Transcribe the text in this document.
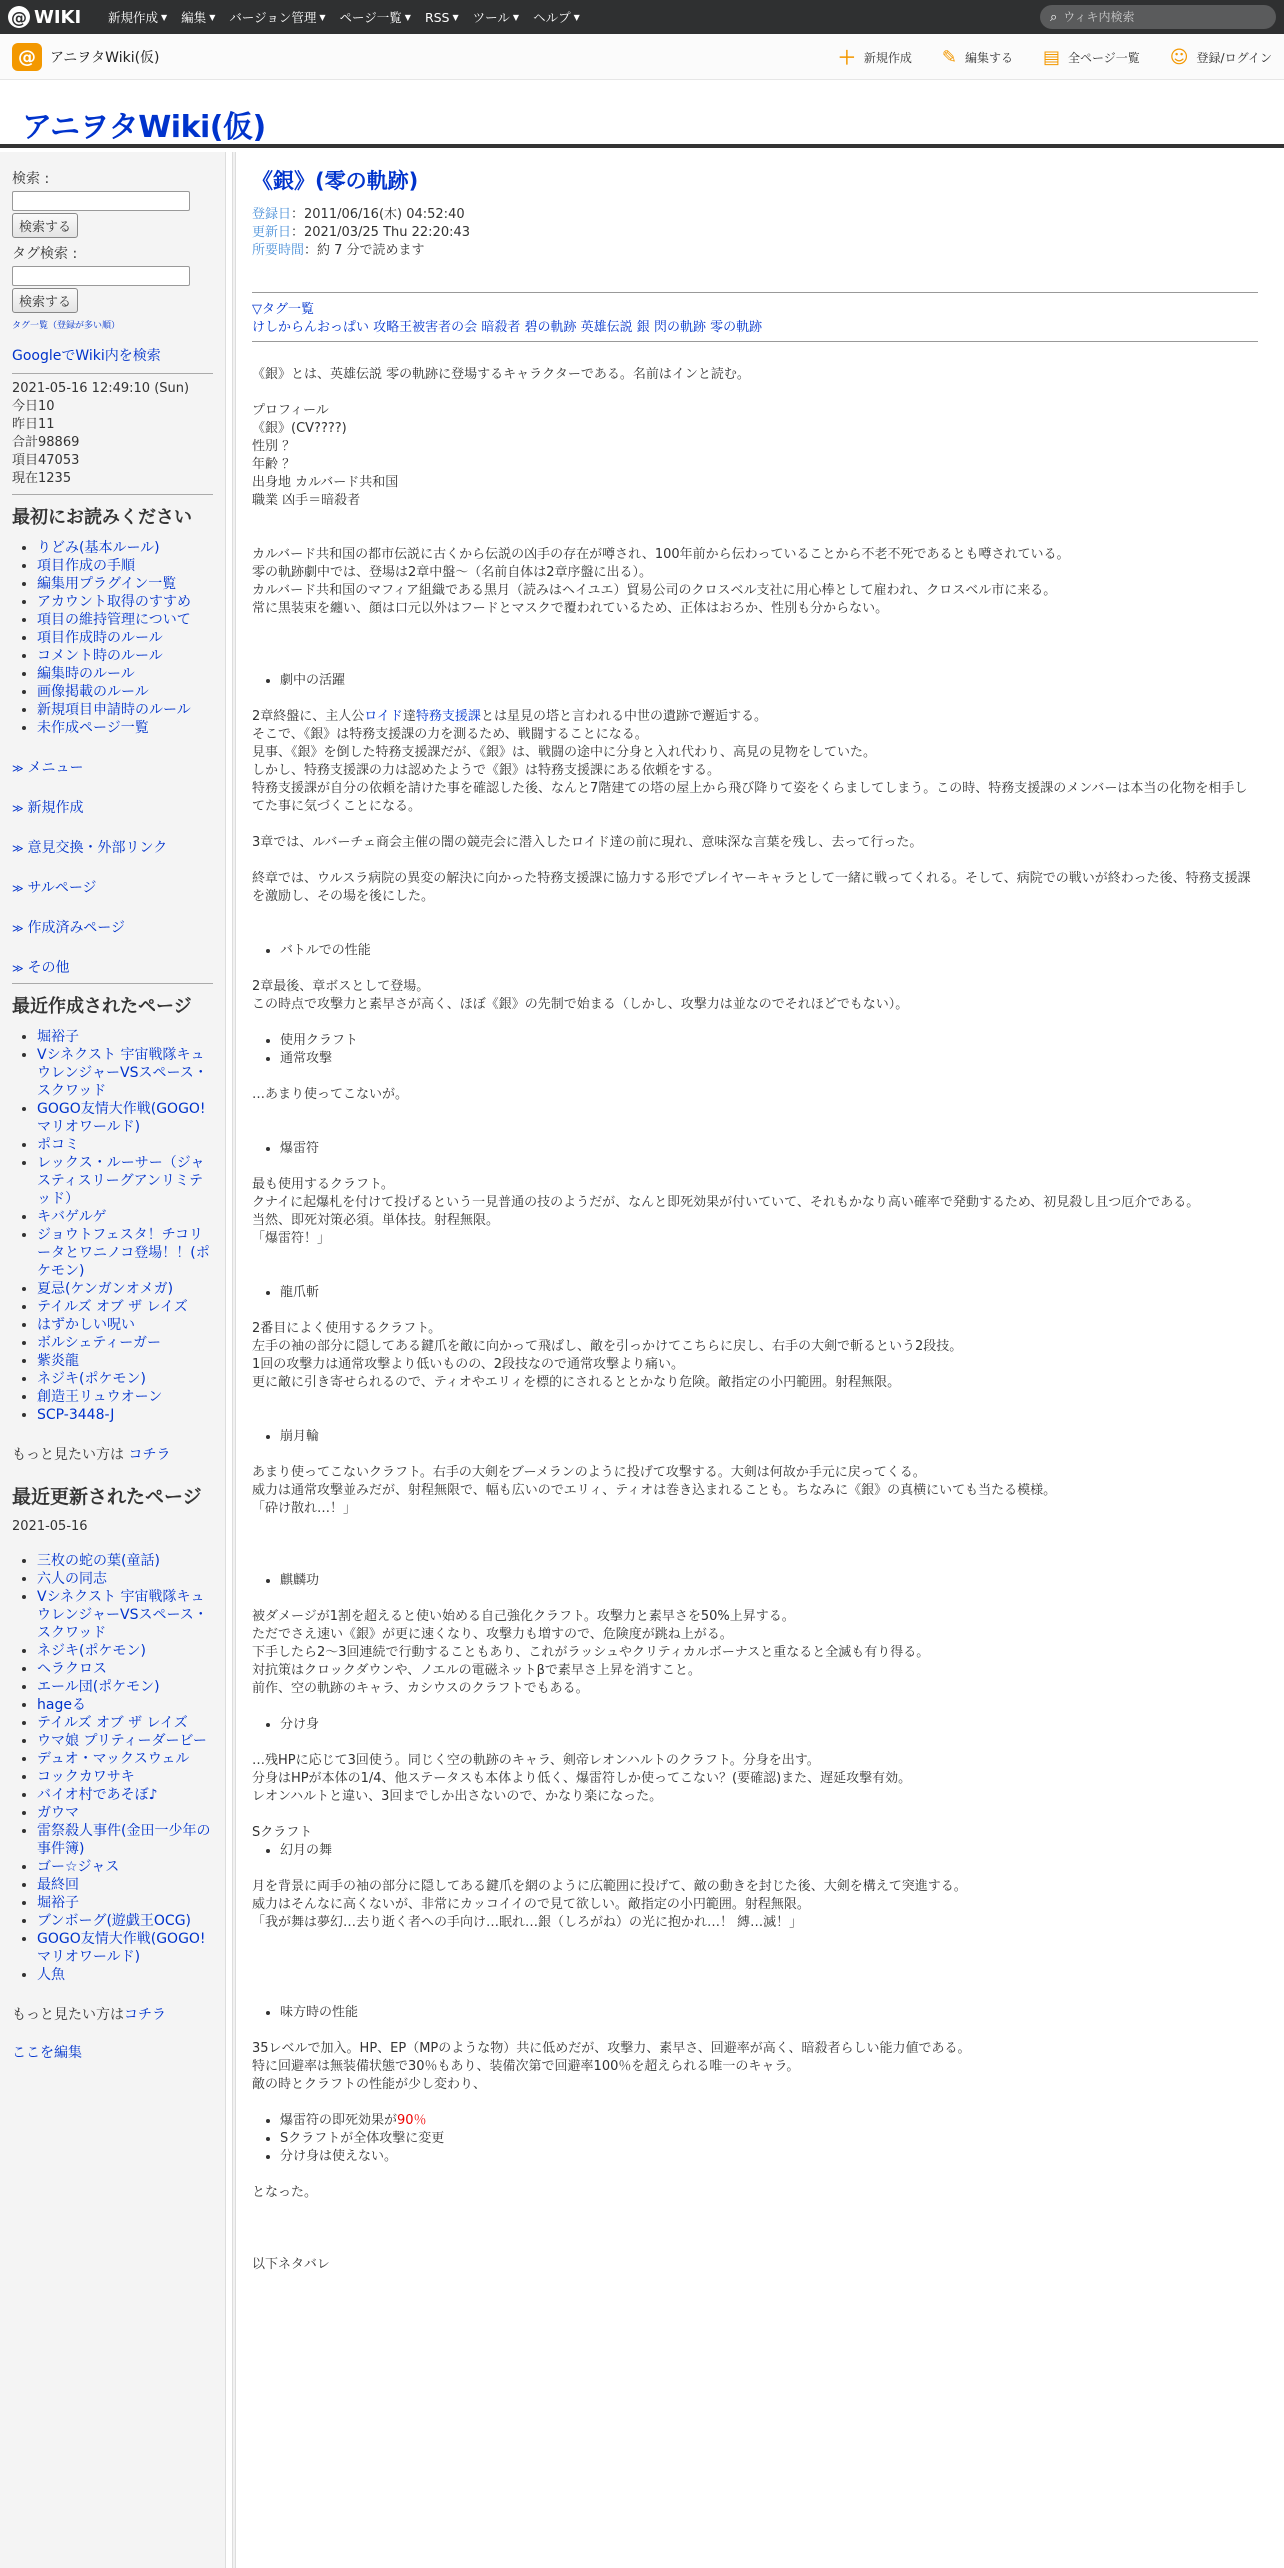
@ WIKI 新規作成 ▼ 編集 ▼ バージョン管理 ▼ ページ一覧 ▼ RSS ▼ ツール ▼ ヘルプ ▼	⌕
ウィキ内検索
@	アニヲタWiki(仮)	＋ 新規作成 ✎ 編集する ▤ 全ページ一覧 ☺ 登録/ログイン
アニヲタWiki(仮)
検索 :

検索する
タグ検索 :

検索する
タグ一覧（登録が多い順）
GoogleでWiki内を検索
2021-05-16 12:49:10 (Sun)
今日10
昨日11
合計98869
項目47053
現在1235
最初にお読みください
• りどみ(基本ルール)
• 項目作成の手順
• 編集用プラグイン一覧
• アカウント取得のすすめ
• 項目の維持管理について
• 項目作成時のルール
• コメント時のルール
• 編集時のルール
• 画像掲載のルール
• 新規項目申請時のルール
• 未作成ページ一覧
≫ メニュー
≫ 新規作成
≫ 意見交換・外部リンク
≫ サルページ
≫ 作成済みページ
≫ その他
最近作成されたページ
• 堀裕子
• Vシネクスト 宇宙戦隊キュウレンジャーVSスペース・スクワッド
• GOGO友情大作戦(GOGO!マリオワールド)
• ポコミ
• レックス・ルーサー（ジャスティスリーグアンリミテッド）
• キバゲルゲ
• ジョウトフェスタ！チコリータとワニノコ登場！！(ポケモン)
• 夏忌(ケンガンオメガ)
• テイルズ オブ ザ レイズ
• はずかしい呪い
• ボルシェティーガー
• 紫炎龍
• ネジキ(ポケモン)
• 創造王リュウオーン
• SCP-3448-J
もっと見たい方は コチラ
最近更新されたページ
2021-05-16
• 三枚の蛇の葉(童話)
• 六人の同志
• Vシネクスト 宇宙戦隊キュウレンジャーVSスペース・スクワッド
• ネジキ(ポケモン)
• ヘラクロス
• エール団(ポケモン)
• hageる
• テイルズ オブ ザ レイズ
• ウマ娘 プリティーダービー
• デュオ・マックスウェル
• コックカワサキ
• バイオ村であそぼ♪
• ガウマ
• 雷祭殺人事件(金田一少年の事件簿)
• ゴー☆ジャス
• 最終回
• 堀裕子
• ブンボーグ(遊戯王OCG)
• GOGO友情大作戦(GOGO!マリオワールド)
• 人魚
もっと見たい方はコチラ
ここを編集
《銀》(零の軌跡)
登録日：2011/06/16(木) 04:52:40
更新日：2021/03/25 Thu 22:20:43
所要時間：約 7 分で読めます
▽タグ一覧
けしからんおっぱい 攻略王被害者の会 暗殺者 碧の軌跡 英雄伝説 銀 閃の軌跡 零の軌跡

《銀》とは、英雄伝説 零の軌跡に登場するキャラクターである。名前はインと読む。

プロフィール

《銀》(CV????)

性別 ？

年齢 ？

出身地 カルバード共和国

職業 凶手＝暗殺者

カルバード共和国の都市伝説に古くから伝説の凶手の存在が噂され、100年前から伝わっていることから不老不死であるとも噂されている。

零の軌跡劇中では、登場は2章中盤～（名前自体は2章序盤に出る）。

カルバード共和国のマフィア組織である黒月（読みはヘイユエ）貿易公司のクロスベル支社に用心棒として雇われ、クロスベル市に来る。

常に黒装束を纏い、顔は口元以外はフードとマスクで覆われているため、正体はおろか、性別も分からない。

• 劇中の活躍

2章終盤に、主人公ロイド達特務支援課とは星見の塔と言われる中世の遺跡で邂逅する。

そこで、《銀》は特務支援課の力を測るため、戦闘することになる。

見事、《銀》を倒した特務支援課だが、《銀》は、戦闘の途中に分身と入れ代わり、高見の見物をしていた。

しかし、特務支援課の力は認めたようで《銀》は特務支援課にある依頼をする。

特務支援課が自分の依頼を請けた事を確認した後、なんと7階建ての塔の屋上から飛び降りて姿をくらましてしまう。この時、特務支援課のメンバーは本当の化物を相手してた事に気づくことになる。

3章では、ルバーチェ商会主催の闇の競売会に潜入したロイド達の前に現れ、意味深な言葉を残し、去って行った。

終章では、ウルスラ病院の異変の解決に向かった特務支援課に協力する形でプレイヤーキャラとして一緒に戦ってくれる。そして、病院での戦いが終わった後、特務支援課を激励し、その場を後にした。

• バトルでの性能

2章最後、章ボスとして登場。

この時点で攻撃力と素早さが高く、ほぼ《銀》の先制で始まる（しかし、攻撃力は並なのでそれほどでもない）。

• 使用クラフト
• 通常攻撃

…あまり使ってこないが。

• 爆雷符

最も使用するクラフト。

クナイに起爆札を付けて投げるという一見普通の技のようだが、なんと即死効果が付いていて、それもかなり高い確率で発動するため、初見殺し且つ厄介である。

当然、即死対策必須。単体技。射程無限。

「爆雷符！」

• 龍爪斬

2番目によく使用するクラフト。

左手の袖の部分に隠してある鍵爪を敵に向かって飛ばし、敵を引っかけてこちらに戻し、右手の大剣で斬るという2段技。

1回の攻撃力は通常攻撃より低いものの、2段技なので通常攻撃より痛い。

更に敵に引き寄せられるので、ティオやエリィを標的にされるととかなり危険。敵指定の小円範囲。射程無限。

• 崩月輪

あまり使ってこないクラフト。右手の大剣をブーメランのように投げて攻撃する。大剣は何故か手元に戻ってくる。

威力は通常攻撃並みだが、射程無限で、幅も広いのでエリィ、ティオは巻き込まれることも。ちなみに《銀》の真横にいても当たる模様。

「砕け散れ…！」

• 麒麟功

被ダメージが1割を超えると使い始める自己強化クラフト。攻撃力と素早さを50%上昇する。

ただでさえ速い《銀》が更に速くなり、攻撃力も増すので、危険度が跳ね上がる。

下手したら2～3回連続で行動することもあり、これがラッシュやクリティカルボーナスと重なると全滅も有り得る。

対抗策はクロックダウンや、ノエルの電磁ネットβで素早さ上昇を消すこと。

前作、空の軌跡のキャラ、カシウスのクラフトでもある。

• 分け身

…残HPに応じて3回使う。同じく空の軌跡のキャラ、剣帝レオンハルトのクラフト。分身を出す。

分身はHPが本体の1/4、他ステータスも本体より低く、爆雷符しか使ってこない？(要確認)また、遅延攻撃有効。

レオンハルトと違い、3回までしか出さないので、かなり楽になった。

Sクラフト

• 幻月の舞

月を背景に両手の袖の部分に隠してある鍵爪を網のように広範囲に投げて、敵の動きを封じた後、大剣を構えて突進する。

威力はそんなに高くないが、非常にカッコイイので見て欲しい。敵指定の小円範囲。射程無限。

「我が舞は夢幻…去り逝く者への手向け…眠れ…銀（しろがね）の光に抱かれ…！ 縛…滅！」

• 味方時の性能

35レベルで加入。HP、EP（MPのような物）共に低めだが、攻撃力、素早さ、回避率が高く、暗殺者らしい能力値である。

特に回避率は無装備状態で30％もあり、装備次第で回避率100％を超えられる唯一のキャラ。

敵の時とクラフトの性能が少し変わり、

• 爆雷符の即死効果が90％
• Sクラフトが全体攻撃に変更
• 分け身は使えない。

となった。

以下ネタバレ
